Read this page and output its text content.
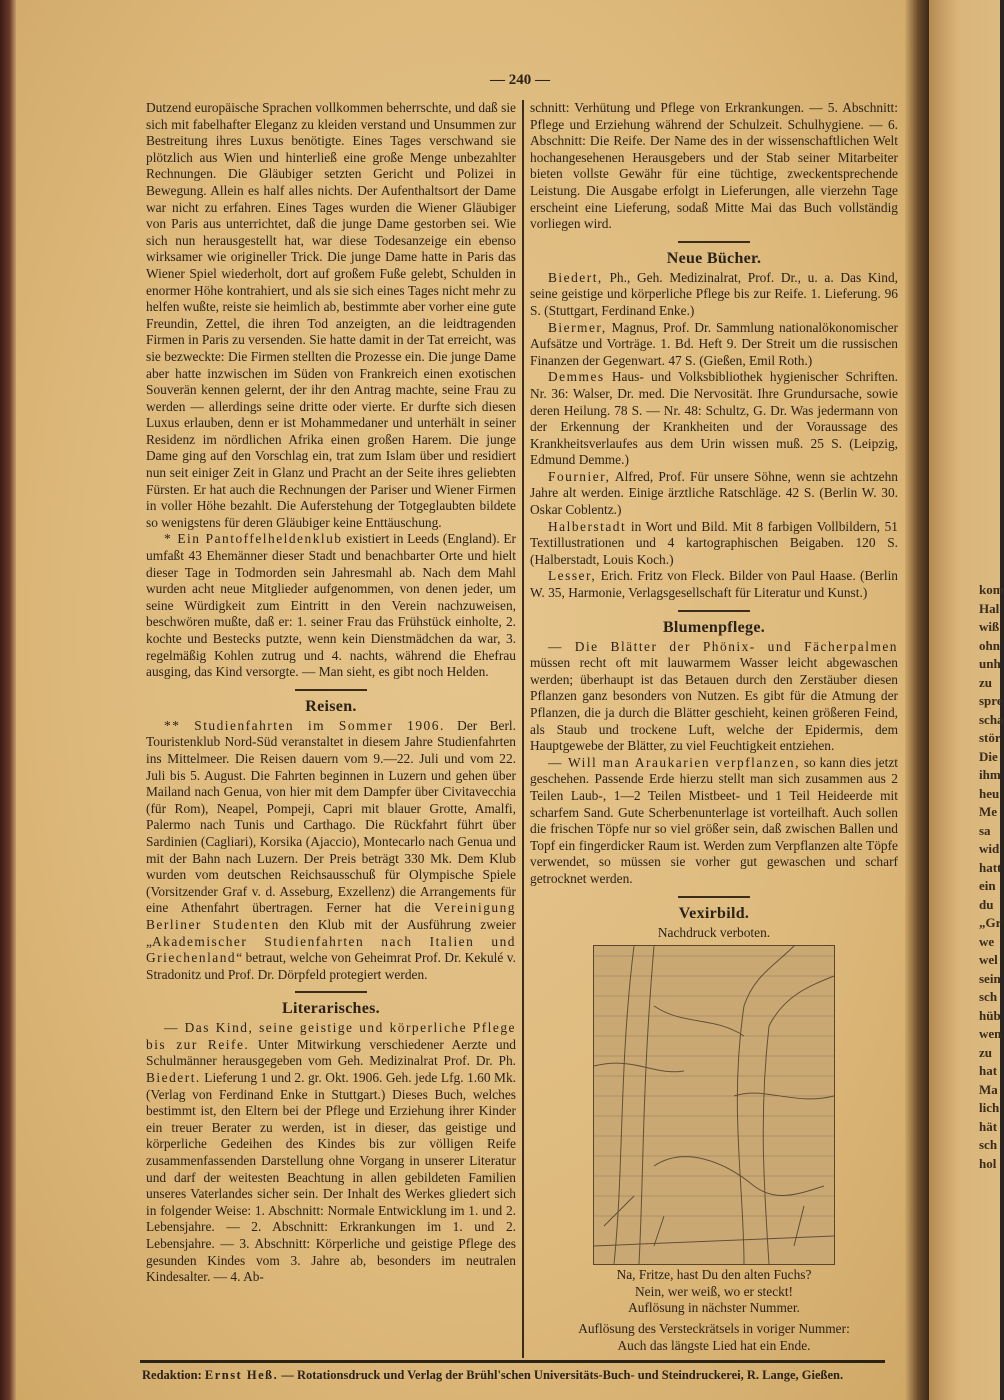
kom
Hal
wiß
ohn
unh
zu
spre
scha
stör
Die
ihm
heu
Me
sa
wid
hatt
ein
du
„Gr
we
wel
sein
sch
hüb
wen
zu
hat
Ma
lich
hät
sch
hol
— 240 —

Dutzend europäische Sprachen vollkommen beherrschte, und daß sie sich mit fabelhafter Eleganz zu kleiden verstand und Unsummen zur Bestreitung ihres Luxus benötigte. Eines Tages verschwand sie plötzlich aus Wien und hinterließ eine große Menge unbezahlter Rechnungen. Die Gläubiger setzten Gericht und Polizei in Bewegung. Allein es half alles nichts. Der Aufenthaltsort der Dame war nicht zu erfahren. Eines Tages wurden die Wiener Gläubiger von Paris aus unterrichtet, daß die junge Dame gestorben sei. Wie sich nun herausgestellt hat, war diese Todesanzeige ein ebenso wirksamer wie origineller Trick. Die junge Dame hatte in Paris das Wiener Spiel wiederholt, dort auf großem Fuße gelebt, Schulden in enormer Höhe kontrahiert, und als sie sich eines Tages nicht mehr zu helfen wußte, reiste sie heimlich ab, bestimmte aber vorher eine gute Freundin, Zettel, die ihren Tod anzeigten, an die leidtragenden Firmen in Paris zu versenden. Sie hatte damit in der Tat erreicht, was sie bezweckte: Die Firmen stellten die Prozesse ein. Die junge Dame aber hatte inzwischen im Süden von Frankreich einen exotischen Souverän kennen gelernt, der ihr den Antrag machte, seine Frau zu werden — allerdings seine dritte oder vierte. Er durfte sich diesen Luxus erlauben, denn er ist Mohammedaner und unterhält in seiner Residenz im nördlichen Afrika einen großen Harem. Die junge Dame ging auf den Vorschlag ein, trat zum Islam über und residiert nun seit einiger Zeit in Glanz und Pracht an der Seite ihres geliebten Fürsten. Er hat auch die Rechnungen der Pariser und Wiener Firmen in voller Höhe bezahlt. Die Auferstehung der Totgeglaubten bildete so wenigstens für deren Gläubiger keine Enttäuschung.

* Ein Pantoffelheldenklub existiert in Leeds (England). Er umfaßt 43 Ehemänner dieser Stadt und benachbarter Orte und hielt dieser Tage in Todmorden sein Jahresmahl ab. Nach dem Mahl wurden acht neue Mitglieder aufgenommen, von denen jeder, um seine Würdigkeit zum Eintritt in den Verein nachzuweisen, beschwören mußte, daß er: 1. seiner Frau das Frühstück einholte, 2. kochte und Bestecks putzte, wenn kein Dienstmädchen da war, 3. regelmäßig Kohlen zutrug und 4. nachts, während die Ehefrau ausging, das Kind versorgte. — Man sieht, es gibt noch Helden.

Reisen.

** Studienfahrten im Sommer 1906. Der Berl. Touristenklub Nord-Süd veranstaltet in diesem Jahre Studienfahrten ins Mittelmeer. Die Reisen dauern vom 9.—22. Juli und vom 22. Juli bis 5. August. Die Fahrten beginnen in Luzern und gehen über Mailand nach Genua, von hier mit dem Dampfer über Civitavecchia (für Rom), Neapel, Pompeji, Capri mit blauer Grotte, Amalfi, Palermo nach Tunis und Carthago. Die Rückfahrt führt über Sardinien (Cagliari), Korsika (Ajaccio), Montecarlo nach Genua und mit der Bahn nach Luzern. Der Preis beträgt 330 Mk. Dem Klub wurden vom deutschen Reichsausschuß für Olympische Spiele (Vorsitzender Graf v. d. Asseburg, Exzellenz) die Arrangements für eine Athenfahrt übertragen. Ferner hat die Vereinigung Berliner Studenten den Klub mit der Ausführung zweier „Akademischer Studienfahrten nach Italien und Griechenland“ betraut, welche von Geheimrat Prof. Dr. Kekulé v. Stradonitz und Prof. Dr. Dörpfeld protegiert werden.

Literarisches.

— Das Kind, seine geistige und körperliche Pflege bis zur Reife. Unter Mitwirkung verschiedener Aerzte und Schulmänner herausgegeben vom Geh. Medizinalrat Prof. Dr. Ph. Biedert. Lieferung 1 und 2. gr. Okt. 1906. Geh. jede Lfg. 1.60 Mk. (Verlag von Ferdinand Enke in Stuttgart.) Dieses Buch, welches bestimmt ist, den Eltern bei der Pflege und Erziehung ihrer Kinder ein treuer Berater zu werden, ist in dieser, das geistige und körperliche Gedeihen des Kindes bis zur völligen Reife zusammenfassenden Darstellung ohne Vorgang in unserer Literatur und darf der weitesten Beachtung in allen gebildeten Familien unseres Vaterlandes sicher sein. Der Inhalt des Werkes gliedert sich in folgender Weise: 1. Abschnitt: Normale Entwicklung im 1. und 2. Lebensjahre. — 2. Abschnitt: Erkrankungen im 1. und 2. Lebensjahre. — 3. Abschnitt: Körperliche und geistige Pflege des gesunden Kindes vom 3. Jahre ab, besonders im neutralen Kindesalter. — 4. Ab-

schnitt: Verhütung und Pflege von Erkrankungen. — 5. Abschnitt: Pflege und Erziehung während der Schulzeit. Schulhygiene. — 6. Abschnitt: Die Reife. Der Name des in der wissenschaftlichen Welt hochangesehenen Herausgebers und der Stab seiner Mitarbeiter bieten vollste Gewähr für eine tüchtige, zweckentsprechende Leistung. Die Ausgabe erfolgt in Lieferungen, alle vierzehn Tage erscheint eine Lieferung, sodaß Mitte Mai das Buch vollständig vorliegen wird.

Neue Bücher.

Biedert, Ph., Geh. Medizinalrat, Prof. Dr., u. a. Das Kind, seine geistige und körperliche Pflege bis zur Reife. 1. Lieferung. 96 S. (Stuttgart, Ferdinand Enke.)

Biermer, Magnus, Prof. Dr. Sammlung nationalökonomischer Aufsätze und Vorträge. 1. Bd. Heft 9. Der Streit um die russischen Finanzen der Gegenwart. 47 S. (Gießen, Emil Roth.)

Demmes Haus- und Volksbibliothek hygienischer Schriften. Nr. 36: Walser, Dr. med. Die Nervosität. Ihre Grundursache, sowie deren Heilung. 78 S. — Nr. 48: Schultz, G. Dr. Was jedermann von der Erkennung der Krankheiten und der Voraussage des Krankheitsverlaufes aus dem Urin wissen muß. 25 S. (Leipzig, Edmund Demme.)

Fournier, Alfred, Prof. Für unsere Söhne, wenn sie achtzehn Jahre alt werden. Einige ärztliche Ratschläge. 42 S. (Berlin W. 30. Oskar Coblentz.)

Halberstadt in Wort und Bild. Mit 8 farbigen Vollbildern, 51 Textillustrationen und 4 kartographischen Beigaben. 120 S. (Halberstadt, Louis Koch.)

Lesser, Erich. Fritz von Fleck. Bilder von Paul Haase. (Berlin W. 35, Harmonie, Verlagsgesellschaft für Literatur und Kunst.)

Blumenpflege.

— Die Blätter der Phönix- und Fächerpalmen müssen recht oft mit lauwarmem Wasser leicht abgewaschen werden; überhaupt ist das Betauen durch den Zerstäuber diesen Pflanzen ganz besonders von Nutzen. Es gibt für die Atmung der Pflanzen, die ja durch die Blätter geschieht, keinen größeren Feind, als Staub und trockene Luft, welche der Epidermis, dem Hauptgewebe der Blätter, zu viel Feuchtigkeit entziehen.

— Will man Araukarien verpflanzen, so kann dies jetzt geschehen. Passende Erde hierzu stellt man sich zusammen aus 2 Teilen Laub-, 1—2 Teilen Mistbeet- und 1 Teil Heideerde mit scharfem Sand. Gute Scherbenunterlage ist vorteilhaft. Auch sollen die frischen Töpfe nur so viel größer sein, daß zwischen Ballen und Topf ein fingerdicker Raum ist. Werden zum Verpflanzen alte Töpfe verwendet, so müssen sie vorher gut gewaschen und scharf getrocknet werden.

Vexirbild.

Nachdruck verboten.

Na, Fritze, hast Du den alten Fuchs?

Nein, wer weiß, wo er steckt!

Auflösung in nächster Nummer.

Auflösung des Versteckrätsels in voriger Nummer:

Auch das längste Lied hat ein Ende.

Redaktion: Ernst Heß. — Rotationsdruck und Verlag der Brühl'schen Universitäts-Buch- und Steindruckerei, R. Lange, Gießen.
